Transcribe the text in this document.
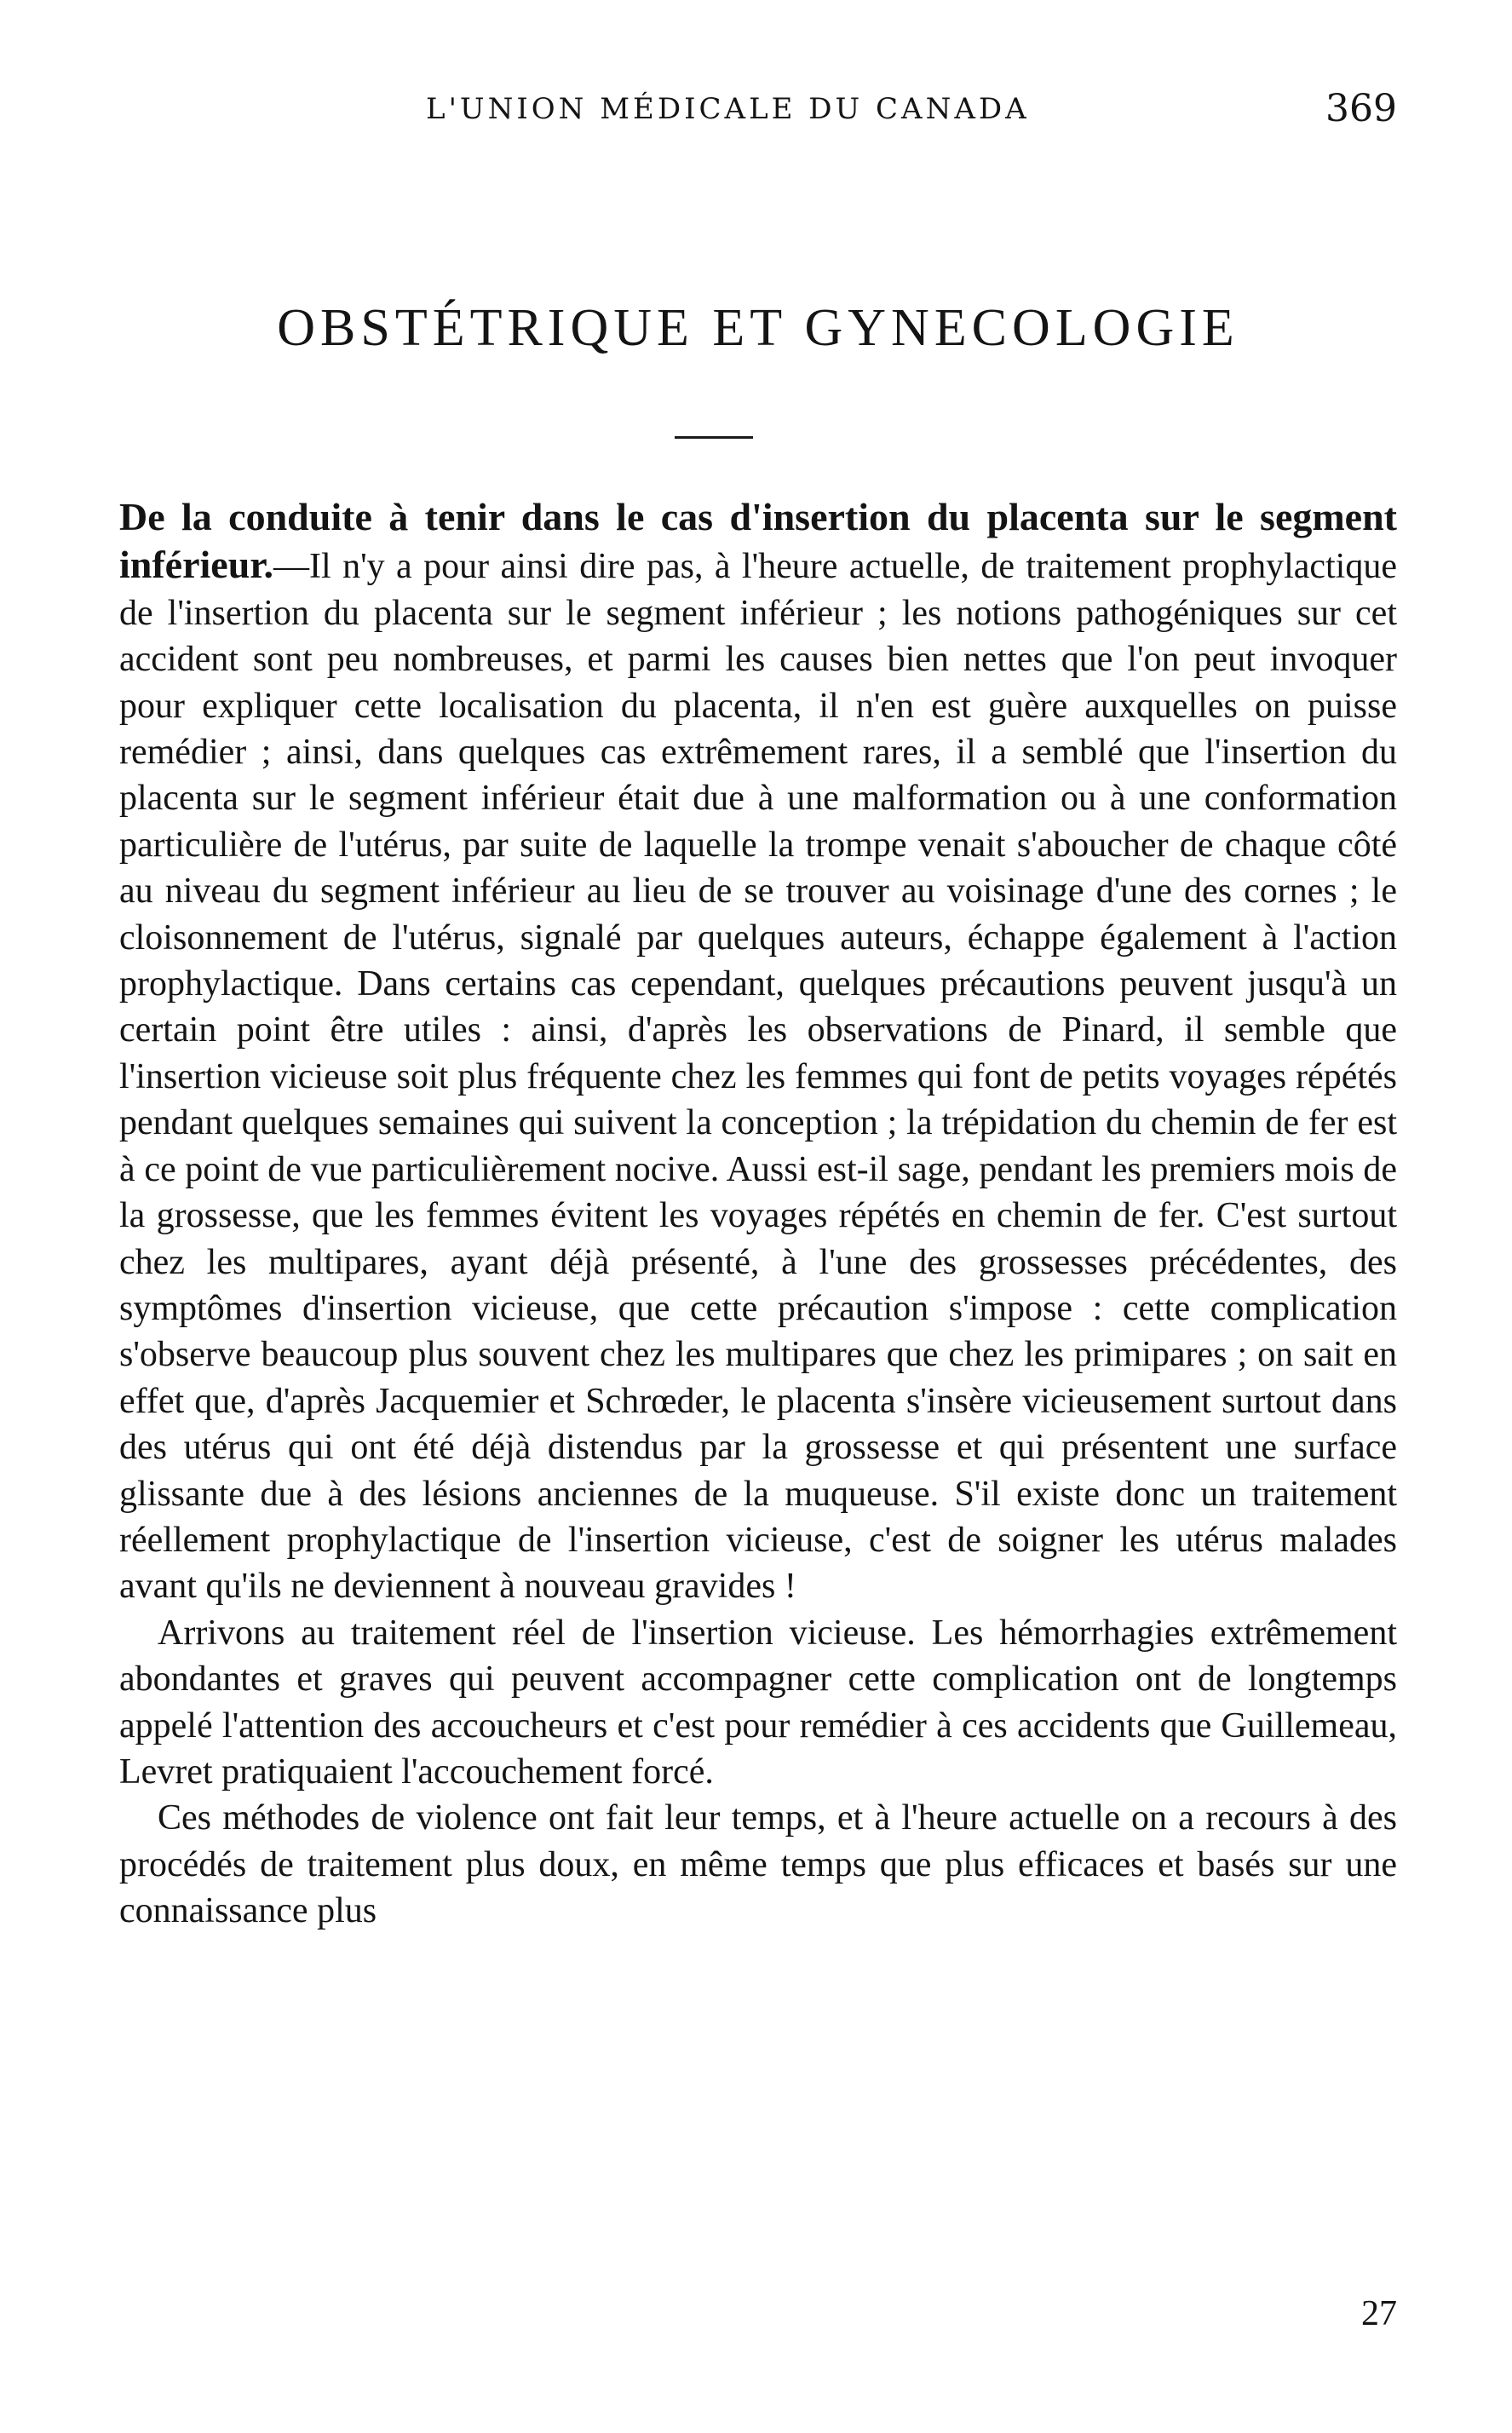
L'UNION MÉDICALE DU CANADA	369
OBSTÉTRIQUE ET GYNECOLOGIE

De la conduite à tenir dans le cas d'insertion du placenta sur le segment inférieur.—Il n'y a pour ainsi dire pas, à l'heure actuelle, de traitement prophylactique de l'insertion du placenta sur le segment inférieur ; les notions pathogéniques sur cet accident sont peu nombreuses, et parmi les causes bien nettes que l'on peut invoquer pour expliquer cette localisation du placenta, il n'en est guère auxquelles on puisse remédier ; ainsi, dans quelques cas extrêmement rares, il a semblé que l'insertion du placenta sur le segment inférieur était due à une malformation ou à une conformation particulière de l'utérus, par suite de laquelle la trompe venait s'aboucher de chaque côté au niveau du segment inférieur au lieu de se trouver au voisinage d'une des cornes ; le cloisonnement de l'utérus, signalé par quelques auteurs, échappe également à l'action prophylactique. Dans certains cas cependant, quelques précautions peuvent jusqu'à un certain point être utiles : ainsi, d'après les observations de Pinard, il semble que l'insertion vicieuse soit plus fréquente chez les femmes qui font de petits voyages répétés pendant quelques semaines qui suivent la conception ; la trépidation du chemin de fer est à ce point de vue particulièrement nocive. Aussi est-il sage, pendant les premiers mois de la grossesse, que les femmes évitent les voyages répétés en chemin de fer. C'est surtout chez les multipares, ayant déjà présenté, à l'une des grossesses précédentes, des symptômes d'insertion vicieuse, que cette précaution s'impose : cette complication s'observe beaucoup plus souvent chez les multipares que chez les primipares ; on sait en effet que, d'après Jacquemier et Schrœder, le placenta s'insère vicieusement surtout dans des utérus qui ont été déjà distendus par la grossesse et qui présentent une surface glissante due à des lésions anciennes de la muqueuse. S'il existe donc un traitement réellement prophylactique de l'insertion vicieuse, c'est de soigner les utérus malades avant qu'ils ne deviennent à nouveau gravides !

Arrivons au traitement réel de l'insertion vicieuse. Les hémorrhagies extrêmement abondantes et graves qui peuvent accompagner cette complication ont de longtemps appelé l'attention des accoucheurs et c'est pour remédier à ces accidents que Guillemeau, Levret pratiquaient l'accouchement forcé.

Ces méthodes de violence ont fait leur temps, et à l'heure actuelle on a recours à des procédés de traitement plus doux, en même temps que plus efficaces et basés sur une connaissance plus

27
